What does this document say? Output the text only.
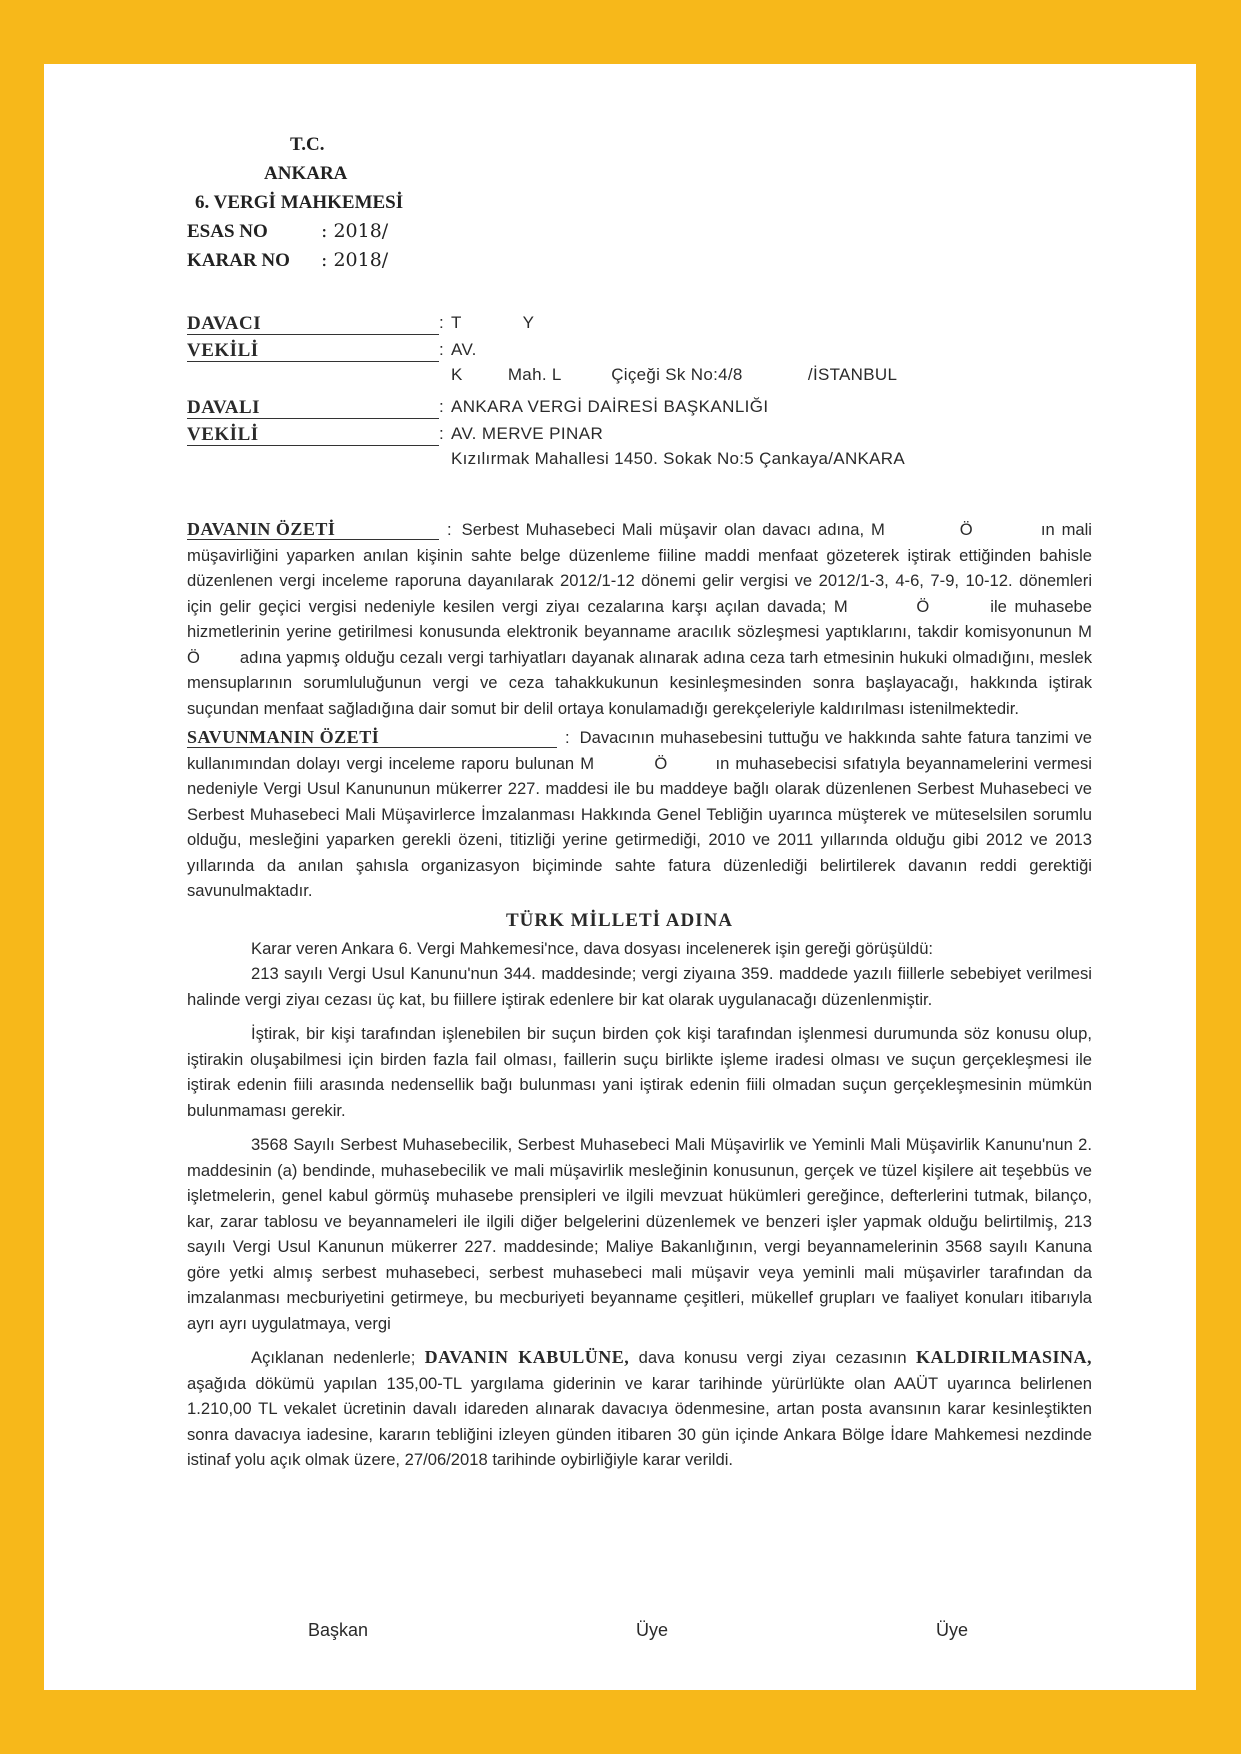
T.C.
ANKARA
6. VERGİ MAHKEMESİ
ESAS NO	: 2018/
KARAR NO	: 2018/
DAVACI	: T            Y
VEKİLİ	: AV.
K         Mah. L          Çiçeği Sk No:4/8             /İSTANBUL
DAVALI	: ANKARA VERGİ DAİRESİ BAŞKANLIĞI
VEKİLİ	: AV. MERVE PINAR
Kızılırmak Mahallesi 1450. Sokak No:5 Çankaya/ANKARA
DAVANIN ÖZETİ	: Serbest Muhasebeci Mali müşavir olan davacı adına, M           Ö          ın mali müşavirliğini yaparken anılan kişinin sahte belge düzenleme fiiline maddi menfaat gözeterek iştirak ettiğinden bahisle düzenlenen vergi inceleme raporuna dayanılarak 2012/1-12 dönemi gelir vergisi ve 2012/1-3, 4-6, 7-9, 10-12. dönemleri için gelir geçici vergisi nedeniyle kesilen vergi ziyaı cezalarına karşı açılan davada; M         Ö        ile muhasebe hizmetlerinin yerine getirilmesi konusunda elektronik beyanname aracılık sözleşmesi yaptıklarını, takdir komisyonunun M          Ö        adına yapmış olduğu cezalı vergi tarhiyatları dayanak alınarak adına ceza tarh etmesinin hukuki olmadığını, meslek mensuplarının sorumluluğunun vergi ve ceza tahakkukunun kesinleşmesinden sonra başlayacağı, hakkında iştirak suçundan menfaat sağladığına dair somut bir delil ortaya konulamadığı gerekçeleriyle kaldırılması istenilmektedir.
SAVUNMANIN ÖZETİ	: Davacının muhasebesini tuttuğu ve hakkında sahte fatura tanzimi ve kullanımından dolayı vergi inceleme raporu bulunan M          Ö        ın muhasebecisi sıfatıyla beyannamelerini vermesi nedeniyle Vergi Usul Kanununun mükerrer 227. maddesi ile bu maddeye bağlı olarak düzenlenen Serbest Muhasebeci ve Serbest Muhasebeci Mali Müşavirlerce İmzalanması Hakkında Genel Tebliğin uyarınca müşterek ve müteselsilen sorumlu olduğu, mesleğini yaparken gerekli özeni, titizliği yerine getirmediği, 2010 ve 2011 yıllarında olduğu gibi 2012 ve 2013 yıllarında da anılan şahısla organizasyon biçiminde sahte fatura düzenlediği belirtilerek davanın reddi gerektiği savunulmaktadır.
TÜRK MİLLETİ ADINA

Karar veren Ankara 6. Vergi Mahkemesi'nce, dava dosyası incelenerek işin gereği görüşüldü:

213 sayılı Vergi Usul Kanunu'nun 344. maddesinde; vergi ziyaına 359. maddede yazılı fiillerle sebebiyet verilmesi halinde vergi ziyaı cezası üç kat, bu fiillere iştirak edenlere bir kat olarak uygulanacağı düzenlenmiştir.

İştirak, bir kişi tarafından işlenebilen bir suçun birden çok kişi tarafından işlenmesi durumunda söz konusu olup, iştirakin oluşabilmesi için birden fazla fail olması, faillerin suçu birlikte işleme iradesi olması ve suçun gerçekleşmesi ile iştirak edenin fiili arasında nedensellik bağı bulunması yani iştirak edenin fiili olmadan suçun gerçekleşmesinin mümkün bulunmaması gerekir.

3568 Sayılı Serbest Muhasebecilik, Serbest Muhasebeci Mali Müşavirlik ve Yeminli Mali Müşavirlik Kanunu'nun 2. maddesinin (a) bendinde, muhasebecilik ve mali müşavirlik mesleğinin konusunun, gerçek ve tüzel kişilere ait teşebbüs ve işletmelerin, genel kabul görmüş muhasebe prensipleri ve ilgili mevzuat hükümleri gereğince, defterlerini tutmak, bilanço, kar, zarar tablosu ve beyannameleri ile ilgili diğer belgelerini düzenlemek ve benzeri işler yapmak olduğu belirtilmiş, 213 sayılı Vergi Usul Kanunun mükerrer 227. maddesinde; Maliye Bakanlığının, vergi beyannamelerinin 3568 sayılı Kanuna göre yetki almış serbest muhasebeci, serbest muhasebeci mali müşavir veya yeminli mali müşavirler tarafından da imzalanması mecburiyetini getirmeye, bu mecburiyeti beyanname çeşitleri, mükellef grupları ve faaliyet konuları itibarıyla ayrı ayrı uygulatmaya, vergi

Açıklanan nedenlerle; DAVANIN KABULÜNE, dava konusu vergi ziyaı cezasının KALDIRILMASINA, aşağıda dökümü yapılan 135,00-TL yargılama giderinin ve karar tarihinde yürürlükte olan AAÜT uyarınca belirlenen 1.210,00 TL vekalet ücretinin davalı idareden alınarak davacıya ödenmesine, artan posta avansının karar kesinleştikten sonra davacıya iadesine, kararın tebliğini izleyen günden itibaren 30 gün içinde Ankara Bölge İdare Mahkemesi nezdinde istinaf yolu açık olmak üzere, 27/06/2018 tarihinde oybirliğiyle karar verildi.

Başkan	Üye	Üye
